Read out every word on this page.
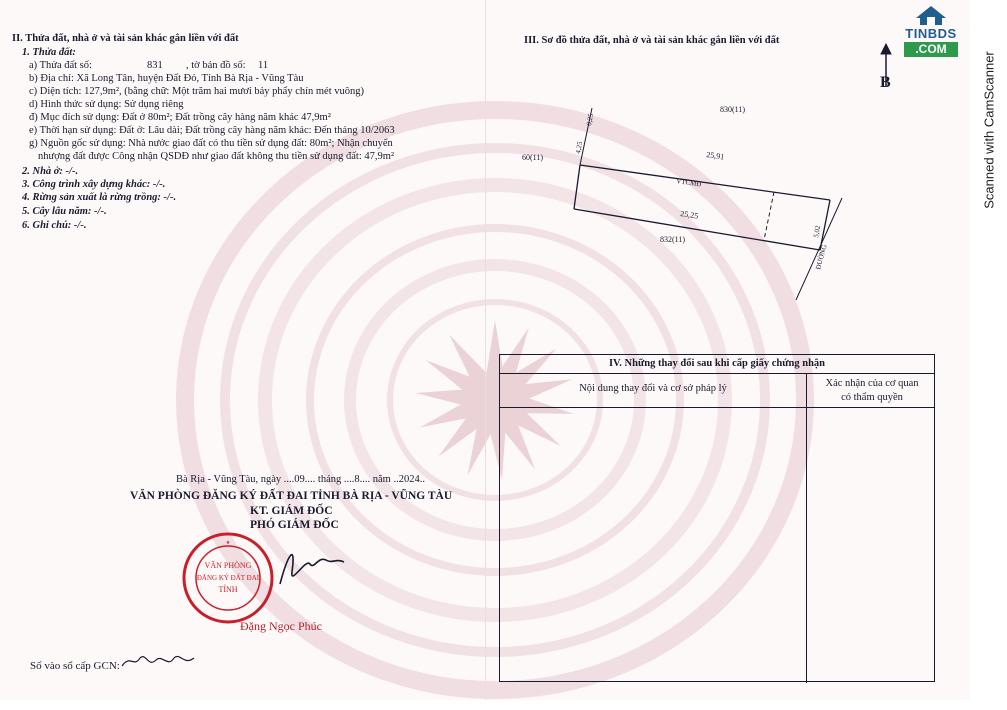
II. Thửa đất, nhà ở và tài sản khác gắn liền với đất
1. Thửa đất:
a) Thửa đất số:	831 , tờ bản đồ số: 11
b) Địa chỉ: Xã Long Tân, huyện Đất Đỏ, Tỉnh Bà Rịa - Vũng Tàu
c) Diện tích: 127,9m², (bằng chữ: Một trăm hai mươi bảy phẩy chín mét vuông)
d) Hình thức sử dụng: Sử dụng riêng
đ) Mục đích sử dụng: Đất ở 80m²; Đất trồng cây hàng năm khác 47,9m²
e) Thời hạn sử dụng: Đất ở: Lâu dài; Đất trồng cây hàng năm khác: Đến tháng 10/2063
g) Nguồn gốc sử dụng: Nhà nước giao đất có thu tiền sử dụng đất: 80m²; Nhận chuyển
nhượng đất được Công nhận QSDĐ như giao đất không thu tiền sử dụng đất: 47,9m²
2. Nhà ở: -/-.
3. Công trình xây dựng khác: -/-.
4. Rừng sản xuất là rừng trồng: -/-.
5. Cây lâu năm: -/-.
6. Ghi chú: -/-.
Bà Rịa - Vũng Tàu, ngày ....09.... tháng ....8.... năm ..2024..
VĂN PHÒNG ĐĂNG KÝ ĐẤT ĐAI TỈNH BÀ RỊA - VŨNG TÀU
KT. GIÁM ĐỐC
PHÓ GIÁM ĐỐC
VĂN PHÒNG
ĐĂNG KÝ ĐẤT ĐAI
TỈNH
★
Đặng Ngọc Phúc
Số vào sổ cấp GCN:
III. Sơ đồ thửa đất, nhà ở và tài sản khác gắn liền với đất
B
830(11)
60(11)
832(11)
VTCMĐ
25,91
25,25
5,02
ĐƯỜNG
4,25
0,25
IV. Những thay đổi sau khi cấp giấy chứng nhận
Nội dung thay đổi và cơ sở pháp lý	Xác nhận của cơ quan
có thẩm quyền
TINBDS
.COM
Scanned with CamScanner
